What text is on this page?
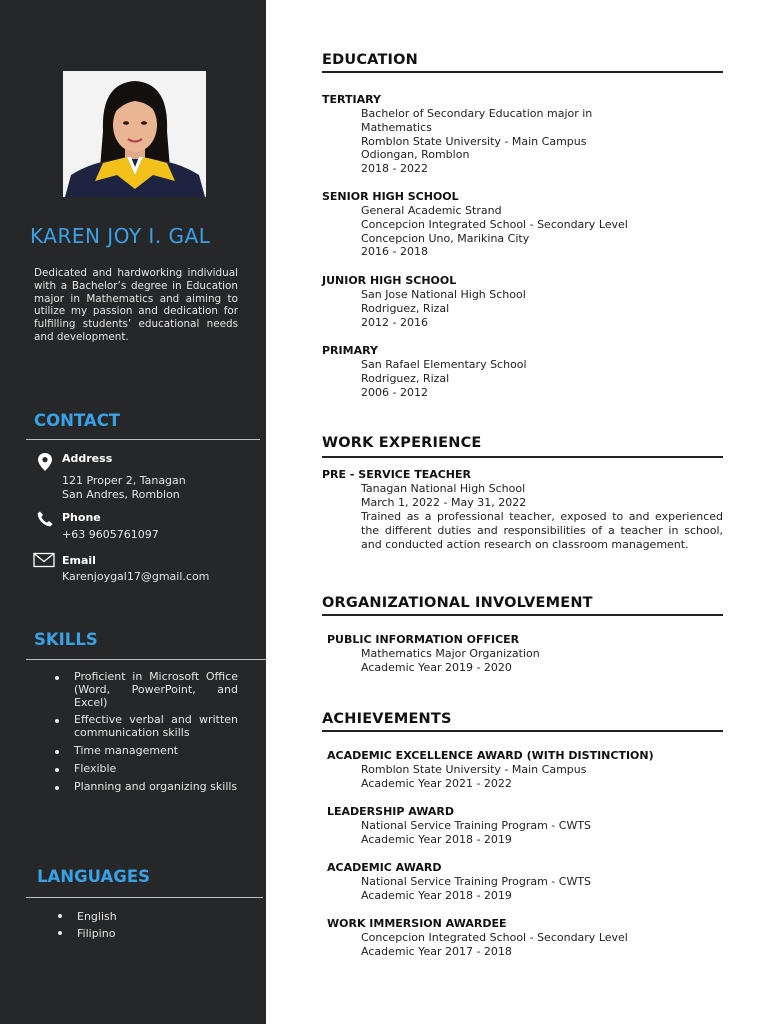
KAREN JOY I. GAL
Dedicated and hardworking individual with a Bachelor’s degree in Education major in Mathematics and aiming to utilize my passion and dedication for fulfilling students’ educational needs and development.
CONTACT
Address
121 Proper 2, Tanagan
San Andres, Romblon
Phone
+63 9605761097
Email
Karenjoygal17@gmail.com
SKILLS
Proficient in Microsoft Office (Word, PowerPoint, and Excel)
Effective verbal and written communication skills
Time management
Flexible
Planning and organizing skills
LANGUAGES
English
Filipino
EDUCATION
TERTIARY
Bachelor of Secondary Education major in
Mathematics
Romblon State University - Main Campus
Odiongan, Romblon
2018 - 2022
SENIOR HIGH SCHOOL
General Academic Strand
Concepcion Integrated School - Secondary Level
Concepcion Uno, Marikina City
2016 - 2018
JUNIOR HIGH SCHOOL
San Jose National High School
Rodriguez, Rizal
2012 - 2016
PRIMARY
San Rafael Elementary School
Rodriguez, Rizal
2006 - 2012
WORK EXPERIENCE
PRE - SERVICE TEACHER
Tanagan National High School
March 1, 2022 - May 31, 2022
Trained as a professional teacher, exposed to and experienced the different duties and responsibilities of a teacher in school, and conducted action research on classroom management.
ORGANIZATIONAL INVOLVEMENT
PUBLIC INFORMATION OFFICER
Mathematics Major Organization
Academic Year 2019 - 2020
ACHIEVEMENTS
ACADEMIC EXCELLENCE AWARD (WITH DISTINCTION)
Romblon State University - Main Campus
Academic Year 2021 - 2022
LEADERSHIP AWARD
National Service Training Program - CWTS
Academic Year 2018 - 2019
ACADEMIC AWARD
National Service Training Program - CWTS
Academic Year 2018 - 2019
WORK IMMERSION AWARDEE
Concepcion Integrated School - Secondary Level
Academic Year 2017 - 2018
